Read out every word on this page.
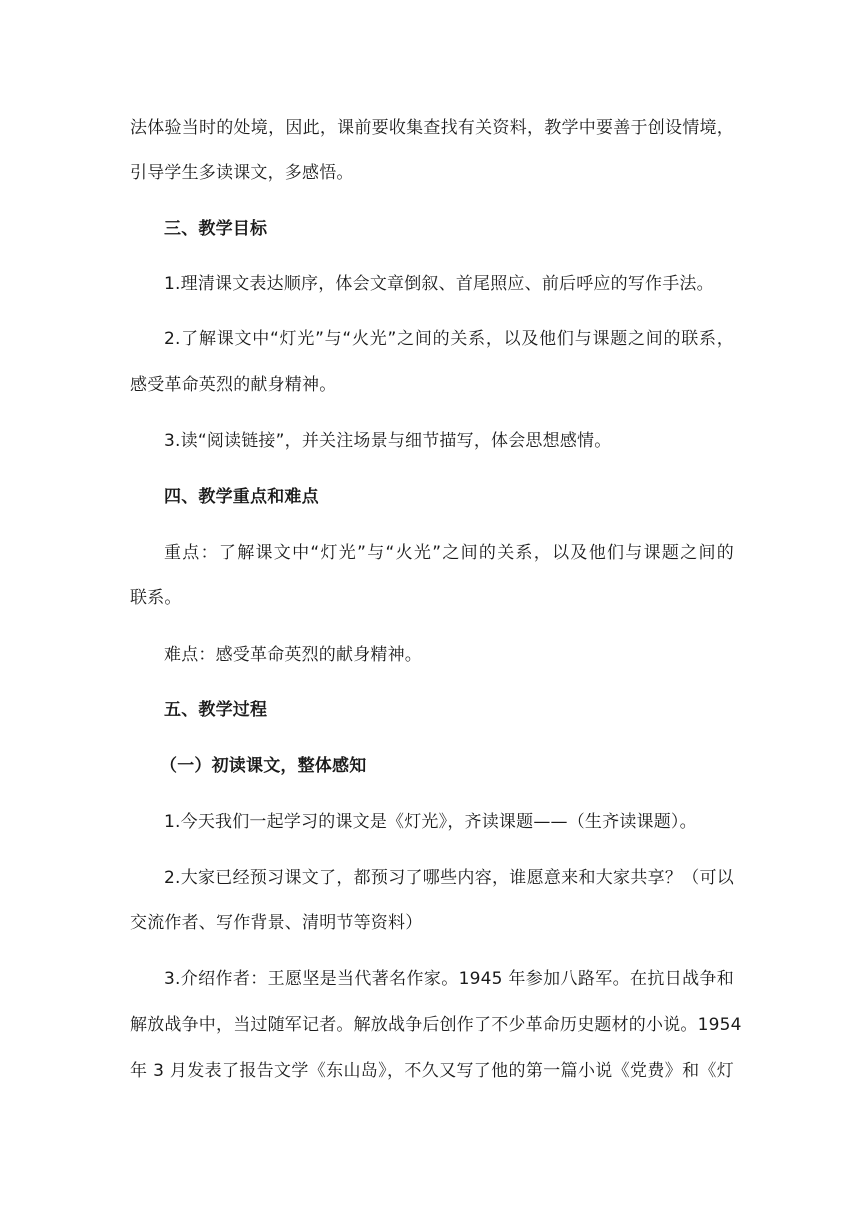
法体验当时的处境，因此，课前要收集查找有关资料，教学中要善于创设情境，
引导学生多读课文，多感悟。
三、教学目标
1.理清课文表达顺序，体会文章倒叙、首尾照应、前后呼应的写作手法。
2.了解课文中“灯光”与“火光”之间的关系，以及他们与课题之间的联系，
感受革命英烈的献身精神。
3.读“阅读链接”，并关注场景与细节描写，体会思想感情。
四、教学重点和难点
重点：了解课文中“灯光”与“火光”之间的关系，以及他们与课题之间的
联系。
难点：感受革命英烈的献身精神。
五、教学过程
（一）初读课文，整体感知
1.今天我们一起学习的课文是《灯光》，齐读课题——（生齐读课题）。
2.大家已经预习课文了，都预习了哪些内容，谁愿意来和大家共享？（可以
交流作者、写作背景、清明节等资料）
3.介绍作者：王愿坚是当代著名作家。1945 年参加八路军。在抗日战争和
解放战争中，当过随军记者。解放战争后创作了不少革命历史题材的小说。1954
年 3 月发表了报告文学《东山岛》，不久又写了他的第一篇小说《党费》和《灯
